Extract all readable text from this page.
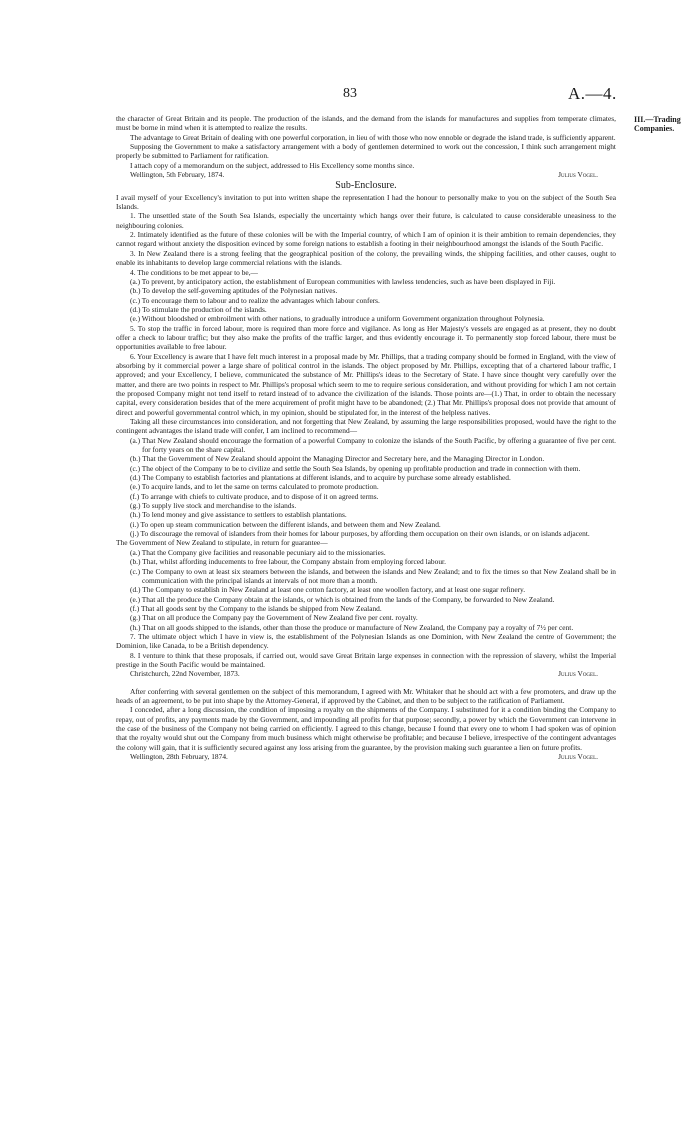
83	A.—4.
III.—Trading
Companies.

the character of Great Britain and its people. The production of the islands, and the demand from the islands for manufactures and supplies from temperate climates, must be borne in mind when it is attempted to realize the results.

The advantage to Great Britain of dealing with one powerful corporation, in lieu of with those who now ennoble or degrade the island trade, is sufficiently apparent.

Supposing the Government to make a satisfactory arrangement with a body of gentlemen determined to work out the concession, I think such arrangement might properly be submitted to Parliament for ratification.

I attach copy of a memorandum on the subject, addressed to His Excellency some months since.

Wellington, 5th February, 1874.	Julius Vogel.

Sub-Enclosure.

I avail myself of your Excellency's invitation to put into written shape the representation I had the honour to personally make to you on the subject of the South Sea Islands.

1. The unsettled state of the South Sea Islands, especially the uncertainty which hangs over their future, is calculated to cause considerable uneasiness to the neighbouring colonies.

2. Intimately identified as the future of these colonies will be with the Imperial country, of which I am of opinion it is their ambition to remain dependencies, they cannot regard without anxiety the disposition evinced by some foreign nations to establish a footing in their neighbourhood amongst the islands of the South Pacific.

3. In New Zealand there is a strong feeling that the geographical position of the colony, the prevailing winds, the shipping facilities, and other causes, ought to enable its inhabitants to develop large commercial relations with the islands.

4. The conditions to be met appear to be,—

(a.) To prevent, by anticipatory action, the establishment of European communities with lawless tendencies, such as have been displayed in Fiji.

(b.) To develop the self-governing aptitudes of the Polynesian natives.

(c.) To encourage them to labour and to realize the advantages which labour confers.

(d.) To stimulate the production of the islands.

(e.) Without bloodshed or embroilment with other nations, to gradually introduce a uniform Government organization throughout Polynesia.

5. To stop the traffic in forced labour, more is required than more force and vigilance. As long as Her Majesty's vessels are engaged as at present, they no doubt offer a check to labour traffic; but they also make the profits of the traffic larger, and thus evidently encourage it. To permanently stop forced labour, there must be opportunities available to free labour.

6. Your Excellency is aware that I have felt much interest in a proposal made by Mr. Phillips, that a trading company should be formed in England, with the view of absorbing by it commercial power a large share of political control in the islands. The object proposed by Mr. Phillips, excepting that of a chartered labour traffic, I approved; and your Excellency, I believe, communicated the substance of Mr. Phillips's ideas to the Secretary of State. I have since thought very carefully over the matter, and there are two points in respect to Mr. Phillips's proposal which seem to me to require serious consideration, and without providing for which I am not certain the proposed Company might not tend itself to retard instead of to advance the civilization of the islands. Those points are—(1.) That, in order to obtain the necessary capital, every consideration besides that of the mere acquirement of profit might have to be abandoned; (2.) That Mr. Phillips's proposal does not provide that amount of direct and powerful governmental control which, in my opinion, should be stipulated for, in the interest of the helpless natives.

Taking all these circumstances into consideration, and not forgetting that New Zealand, by assuming the large responsibilities proposed, would have the right to the contingent advantages the island trade will confer, I am inclined to recommend—

(a.) That New Zealand should encourage the formation of a powerful Company to colonize the islands of the South Pacific, by offering a guarantee of five per cent. for forty years on the share capital.

(b.) That the Government of New Zealand should appoint the Managing Director and Secretary here, and the Managing Director in London.

(c.) The object of the Company to be to civilize and settle the South Sea Islands, by opening up profitable production and trade in connection with them.

(d.) The Company to establish factories and plantations at different islands, and to acquire by purchase some already established.

(e.) To acquire lands, and to let the same on terms calculated to promote production.

(f.) To arrange with chiefs to cultivate produce, and to dispose of it on agreed terms.

(g.) To supply live stock and merchandise to the islands.

(h.) To lend money and give assistance to settlers to establish plantations.

(i.) To open up steam communication between the different islands, and between them and New Zealand.

(j.) To discourage the removal of islanders from their homes for labour purposes, by affording them occupation on their own islands, or on islands adjacent.

The Government of New Zealand to stipulate, in return for guarantee—

(a.) That the Company give facilities and reasonable pecuniary aid to the missionaries.

(b.) That, whilst affording inducements to free labour, the Company abstain from employing forced labour.

(c.) The Company to own at least six steamers between the islands, and between the islands and New Zealand; and to fix the times so that New Zealand shall be in communication with the principal islands at intervals of not more than a month.

(d.) The Company to establish in New Zealand at least one cotton factory, at least one woollen factory, and at least one sugar refinery.

(e.) That all the produce the Company obtain at the islands, or which is obtained from the lands of the Company, be forwarded to New Zealand.

(f.) That all goods sent by the Company to the islands be shipped from New Zealand.

(g.) That on all produce the Company pay the Government of New Zealand five per cent. royalty.

(h.) That on all goods shipped to the islands, other than those the produce or manufacture of New Zealand, the Company pay a royalty of 7½ per cent.

7. The ultimate object which I have in view is, the establishment of the Polynesian Islands as one Dominion, with New Zealand the centre of Government; the Dominion, like Canada, to be a British dependency.

8. I venture to think that these proposals, if carried out, would save Great Britain large expenses in connection with the repression of slavery, whilst the Imperial prestige in the South Pacific would be maintained.

Christchurch, 22nd November, 1873.	Julius Vogel.

After conferring with several gentlemen on the subject of this memorandum, I agreed with Mr. Whitaker that he should act with a few promoters, and draw up the heads of an agreement, to be put into shape by the Attorney-General, if approved by the Cabinet, and then to be subject to the ratification of Parliament.

I conceded, after a long discussion, the condition of imposing a royalty on the shipments of the Company. I substituted for it a condition binding the Company to repay, out of profits, any payments made by the Government, and impounding all profits for that purpose; secondly, a power by which the Government can intervene in the case of the business of the Company not being carried on efficiently. I agreed to this change, because I found that every one to whom I had spoken was of opinion that the royalty would shut out the Company from much business which might otherwise be profitable; and because I believe, irrespective of the contingent advantages the colony will gain, that it is sufficiently secured against any loss arising from the guarantee, by the provision making such guarantee a lien on future profits.

Julius Vogel.

Wellington, 28th February, 1874.
